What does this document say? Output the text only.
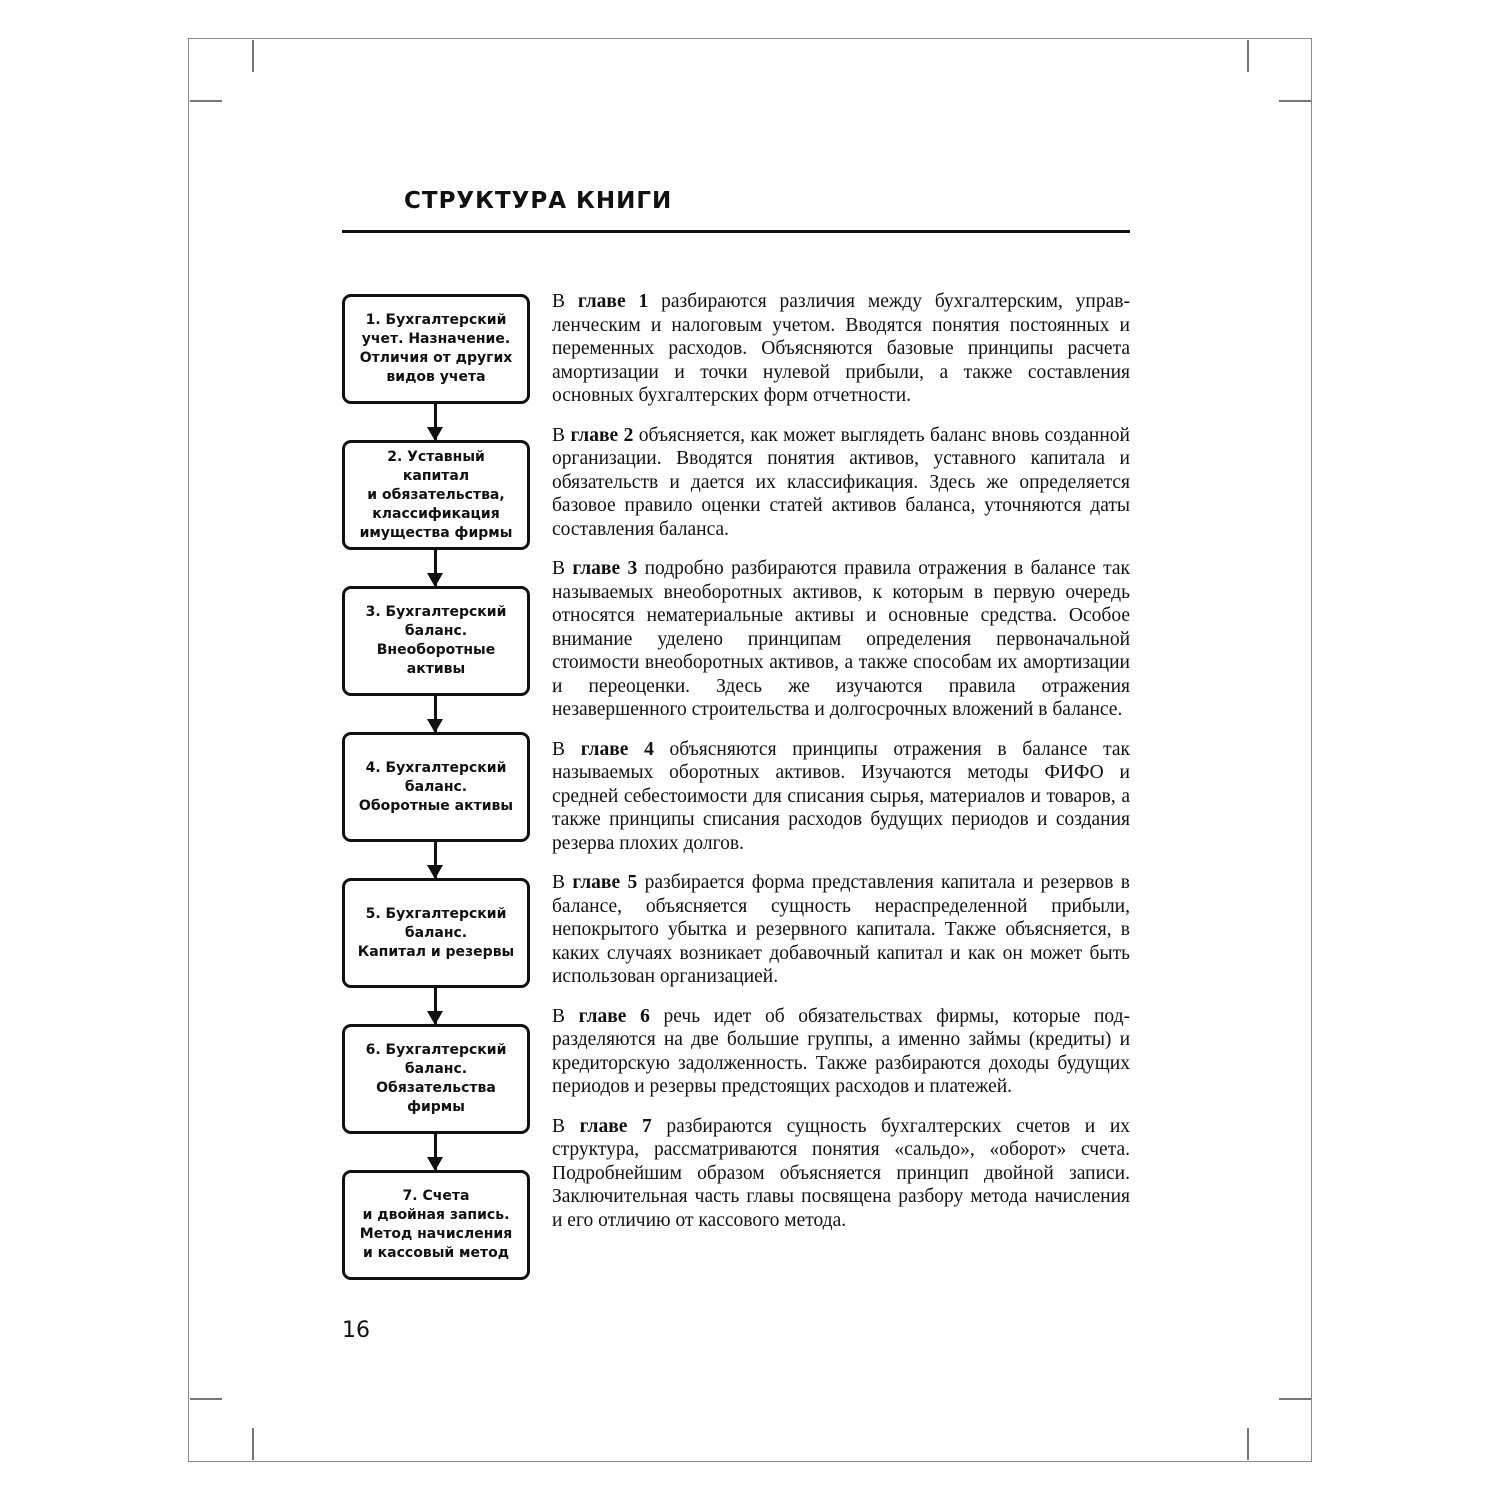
СТРУКТУРА КНИГИ
1. Бухгалтерский
учет. Назначение.
Отличия от других
видов учета
2. Уставный капитал
и обязательства,
классификация
имущества фирмы
3. Бухгалтерский
баланс.
Внеоборотные
активы
4. Бухгалтерский
баланс.
Оборотные активы
5. Бухгалтерский
баланс.
Капитал и резервы
6. Бухгалтерский
баланс.
Обязательства
фирмы
7. Счета
и двойная запись.
Метод начисления
и кассовый метод

В главе 1 разбираются различия между бухгалтерским, управленческим и налоговым учетом. Вводятся понятия постоянных и переменных расходов. Объясняются базовые принципы расчета амортизации и точки нулевой прибыли, а также составления основных бухгалтерских форм отчетности.

В главе 2 объясняется, как может выглядеть баланс вновь созданной организации. Вводятся понятия активов, уставного капитала и обязательств и дается их классификация. Здесь же определяется базовое правило оценки статей активов баланса, уточняются даты составления баланса.

В главе 3 подробно разбираются правила отражения в балансе так называемых внеоборотных активов, к которым в первую очередь относятся нематериальные активы и основные средства. Особое внимание уделено принципам определения первоначальной стоимости внеоборотных активов, а также способам их амортизации и переоценки. Здесь же изучаются правила отражения незавершенного строительства и долгосрочных вложений в балансе.

В главе 4 объясняются принципы отражения в балансе так называемых оборотных активов. Изучаются методы ФИФО и средней себестоимости для списания сырья, материалов и товаров, а также принципы списания расходов будущих периодов и создания резерва плохих долгов.

В главе 5 разбирается форма представления капитала и резервов в балансе, объясняется сущность нераспределенной прибыли, непокрытого убытка и резервного капитала. Также объясняется, в каких случаях возникает добавочный капитал и как он может быть использован организацией.

В главе 6 речь идет об обязательствах фирмы, которые подразделяются на две большие группы, а именно займы (кредиты) и кредиторскую задолженность. Также разбираются доходы будущих периодов и резервы предстоящих расходов и платежей.

В главе 7 разбираются сущность бухгалтерских счетов и их структура, рассматриваются понятия «сальдо», «оборот» счета. Подробнейшим образом объясняется принцип двойной записи. Заключительная часть главы посвящена разбору метода начисления и его отличию от кассового метода.

16
